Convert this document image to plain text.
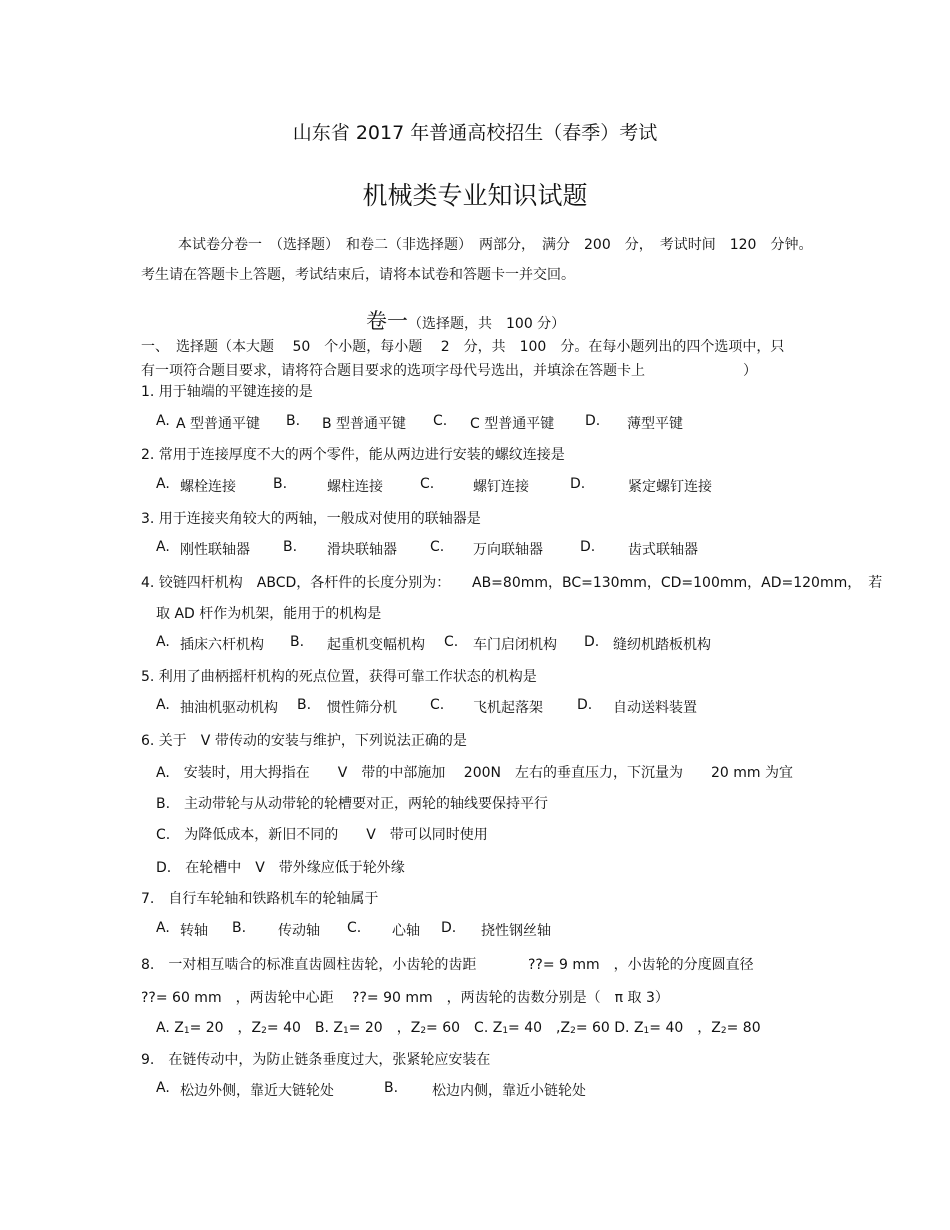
山东省 2017 年普通高校招生（春季）考试
机械类专业知识试题
本试卷分卷一　（选择题）　和卷二（非选择题）　两部分，　满分　200　分，　考试时间　120　分钟。
考生请在答题卡上答题，考试结束后，请将本试卷和答题卡一并交回。
卷一（选择题，共　100 分）
一、　选择题（本大题　 50　个小题，每小题　 2　分，共　100　分。在每小题列出的四个选项中，只
有一项符合题目要求，请将符合题目要求的选项字母代号选出，并填涂在答题卡上　　　　　　　）
1. 用于轴端的平键连接的是
A. A 型普通平键 B. B 型普通平键 C. C 型普通平键 D. 薄型平键
2. 常用于连接厚度不大的两个零件，能从两边进行安装的螺纹连接是
A. 螺栓连接	B.	螺柱连接	C.	螺钉连接	D.	紧定螺钉连接
3. 用于连接夹角较大的两轴，一般成对使用的联轴器是
A. 刚性联轴器 B. 滑块联轴器 C. 万向联轴器	D. 齿式联轴器
4. 铰链四杆机构　ABCD，各杆件的长度分别为： AB=80mm，BC=130mm，CD=100mm，AD=120mm，　若
取 AD 杆作为机架，能用于的机构是
A. 插床六杆机构 B. 起重机变幅机构 C. 车门启闭机构 D. 缝纫机踏板机构
5. 利用了曲柄摇杆机构的死点位置，获得可靠工作状态的机构是
A. 抽油机驱动机构 B. 惯性筛分机 C. 飞机起落架 D. 自动送料装置
6. 关于　V 带传动的安装与维护，下列说法正确的是
A.　安装时，用大拇指在　　V　带的中部施加　 200N　左右的垂直压力，下沉量为　　20 mm 为宜
B.　主动带轮与从动带轮的轮槽要对正，两轮的轴线要保持平行
C.　为降低成本，新旧不同的　　V　带可以同时使用
D.　在轮槽中　V　带外缘应低于轮外缘
7.　自行车轮轴和铁路机车的轮轴属于
A. 转轴 B. 传动轴 C. 心轴 D. 挠性钢丝轴
8.　一对相互啮合的标准直齿圆柱齿轮，小齿轮的齿距	??= 9 mm　，小齿轮的分度圆直径
??= 60 mm　，两齿轮中心距　 ??= 90 mm　，两齿轮的齿数分别是（　π 取 3）
A. Z1= 20　，Z2= 40　B. Z1= 20　，Z2= 60　C. Z1= 40　,Z2= 60 D. Z1= 40　，Z2= 80
9.　在链传动中，为防止链条垂度过大，张紧轮应安装在
A. 松边外侧，靠近大链轮处	B. 松边内侧，靠近小链轮处
